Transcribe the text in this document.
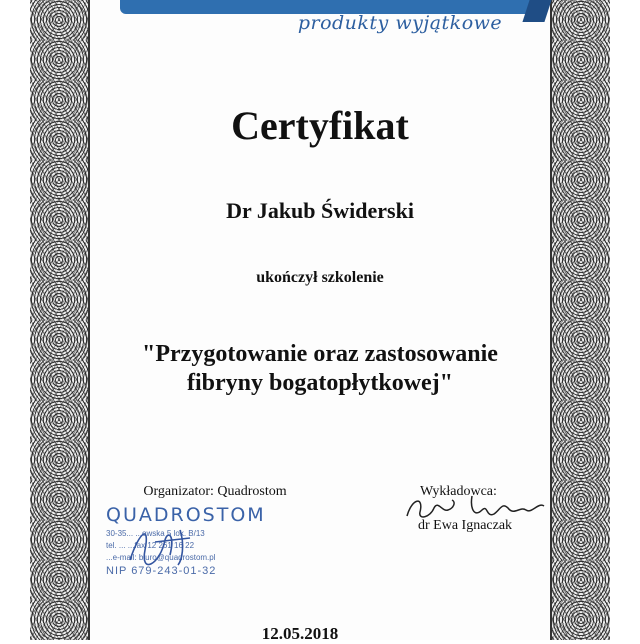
produkty wyjątkowe
Certyfikat
Dr Jakub Świderski
ukończył szkolenie
"Przygotowanie oraz zastosowanie
fibryny bogatopłytkowej"
Organizator: Quadrostom
QUADROSTOM
30-35... ...owska 5 lok. B/13
tel. ... ...fax 12 261 16 22
...e-mail: biuro@quadrostom.pl
NIP 679-243-01-32
Wykładowca:
dr Ewa Ignaczak
12.05.2018
